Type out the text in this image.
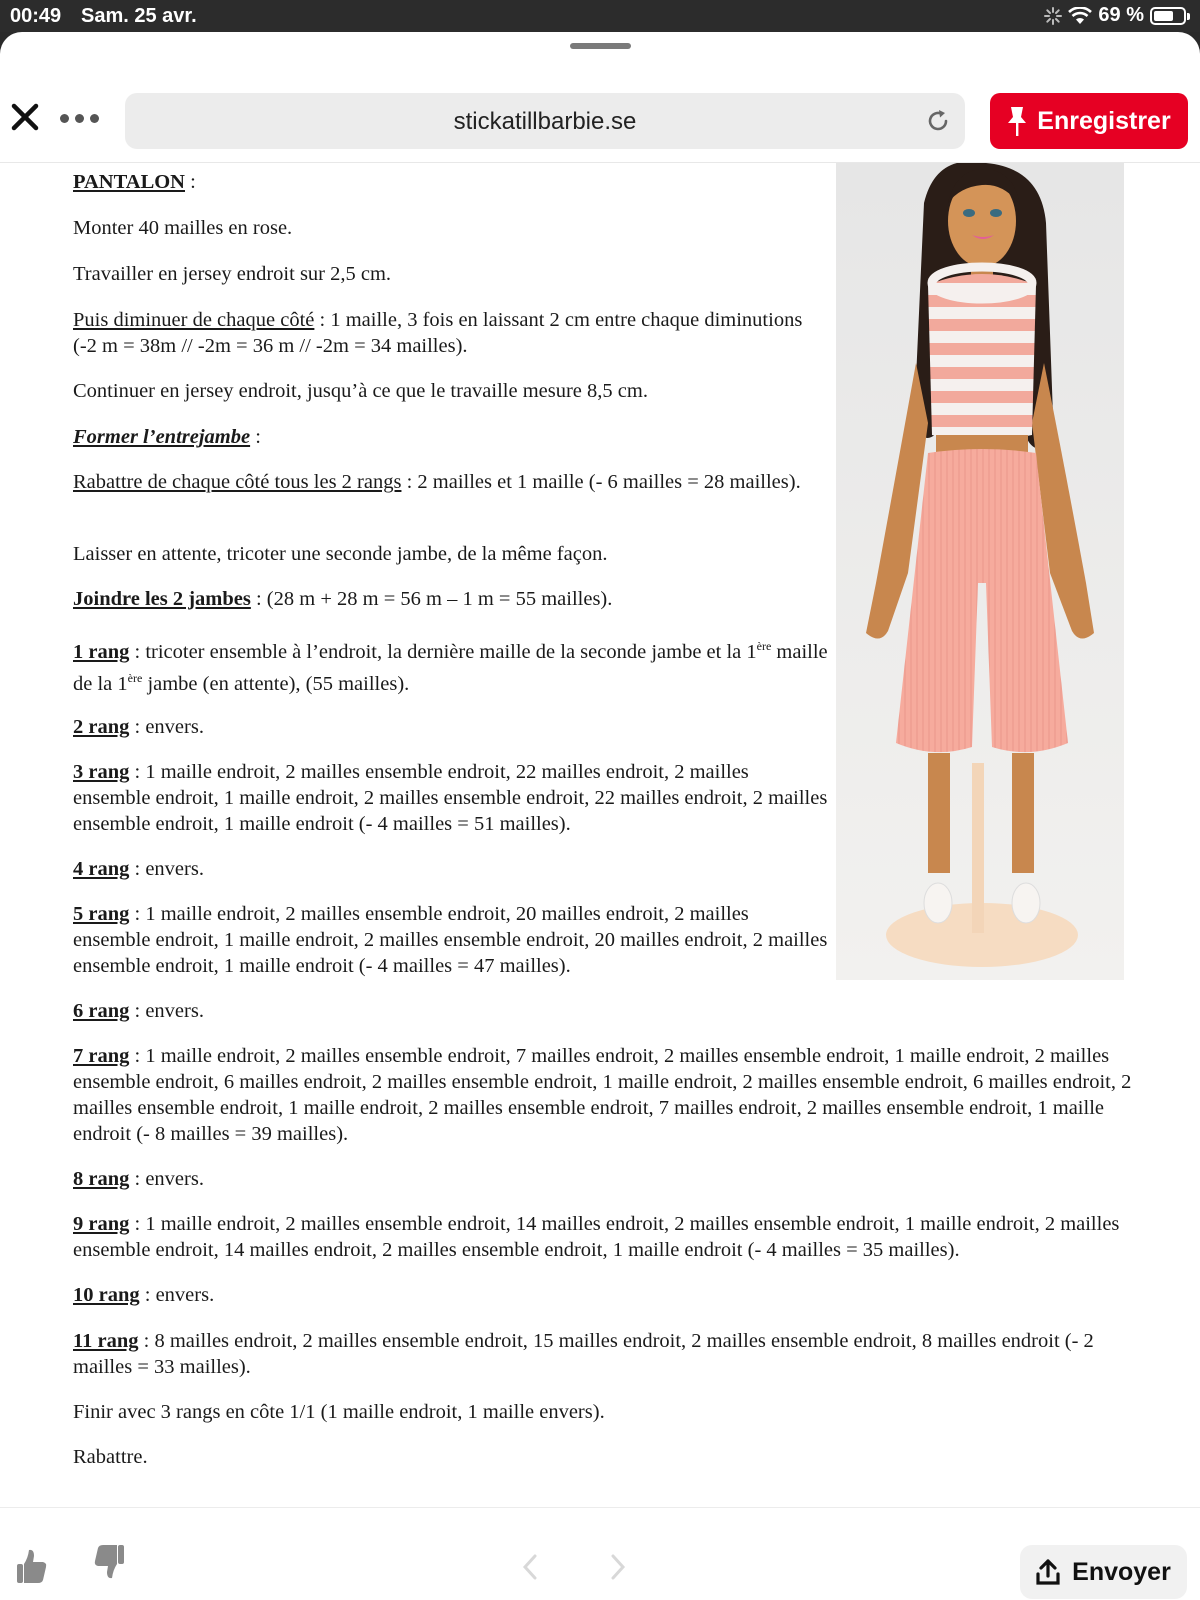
00:49 Sam. 25 avr.	69 %
stickatillbarbie.se	Enregistrer

PANTALON :

Monter 40 mailles en rose.

Travailler en jersey endroit sur 2,5 cm.

Puis diminuer de chaque côté : 1 maille, 3 fois en laissant 2 cm entre chaque diminutions (-2 m = 38m // -2m = 36 m // -2m = 34 mailles).

Continuer en jersey endroit, jusqu’à ce que le travaille mesure 8,5 cm.

Former l’entrejambe :

Rabattre de chaque côté tous les 2 rangs : 2 mailles et 1 maille (- 6 mailles = 28 mailles).

Laisser en attente, tricoter une seconde jambe, de la même façon.

Joindre les 2 jambes : (28 m + 28 m = 56 m – 1 m = 55 mailles).

1 rang : tricoter ensemble à l’endroit, la dernière maille de la seconde jambe et la 1ère maille de la 1ère jambe (en attente), (55 mailles).

2 rang : envers.

3 rang : 1 maille endroit, 2 mailles ensemble endroit, 22 mailles endroit, 2 mailles ensemble endroit, 1 maille endroit, 2 mailles ensemble endroit, 22 mailles endroit, 2 mailles ensemble endroit, 1 maille endroit (- 4 mailles = 51 mailles).

4 rang : envers.

5 rang : 1 maille endroit, 2 mailles ensemble endroit, 20 mailles endroit, 2 mailles ensemble endroit, 1 maille endroit, 2 mailles ensemble endroit, 20 mailles endroit, 2 mailles ensemble endroit, 1 maille endroit (- 4 mailles = 47 mailles).

6 rang : envers.

7 rang : 1 maille endroit, 2 mailles ensemble endroit, 7 mailles endroit, 2 mailles ensemble endroit, 1 maille endroit, 2 mailles ensemble endroit, 6 mailles endroit, 2 mailles ensemble endroit, 1 maille endroit, 2 mailles ensemble endroit, 6 mailles endroit, 2 mailles ensemble endroit, 1 maille endroit, 2 mailles ensemble endroit, 7 mailles endroit, 2 mailles ensemble endroit, 1 maille endroit (- 8 mailles = 39 mailles).

8 rang : envers.

9 rang : 1 maille endroit, 2 mailles ensemble endroit, 14 mailles endroit, 2 mailles ensemble endroit, 1 maille endroit, 2 mailles ensemble endroit, 14 mailles endroit, 2 mailles ensemble endroit, 1 maille endroit (- 4 mailles = 35 mailles).

10 rang : envers.

11 rang : 8 mailles endroit, 2 mailles ensemble endroit, 15 mailles endroit, 2 mailles ensemble endroit, 8 mailles endroit (- 2 mailles = 33 mailles).

Finir avec 3 rangs en côte 1/1 (1 maille endroit, 1 maille envers).

Rabattre.

Envoyer
